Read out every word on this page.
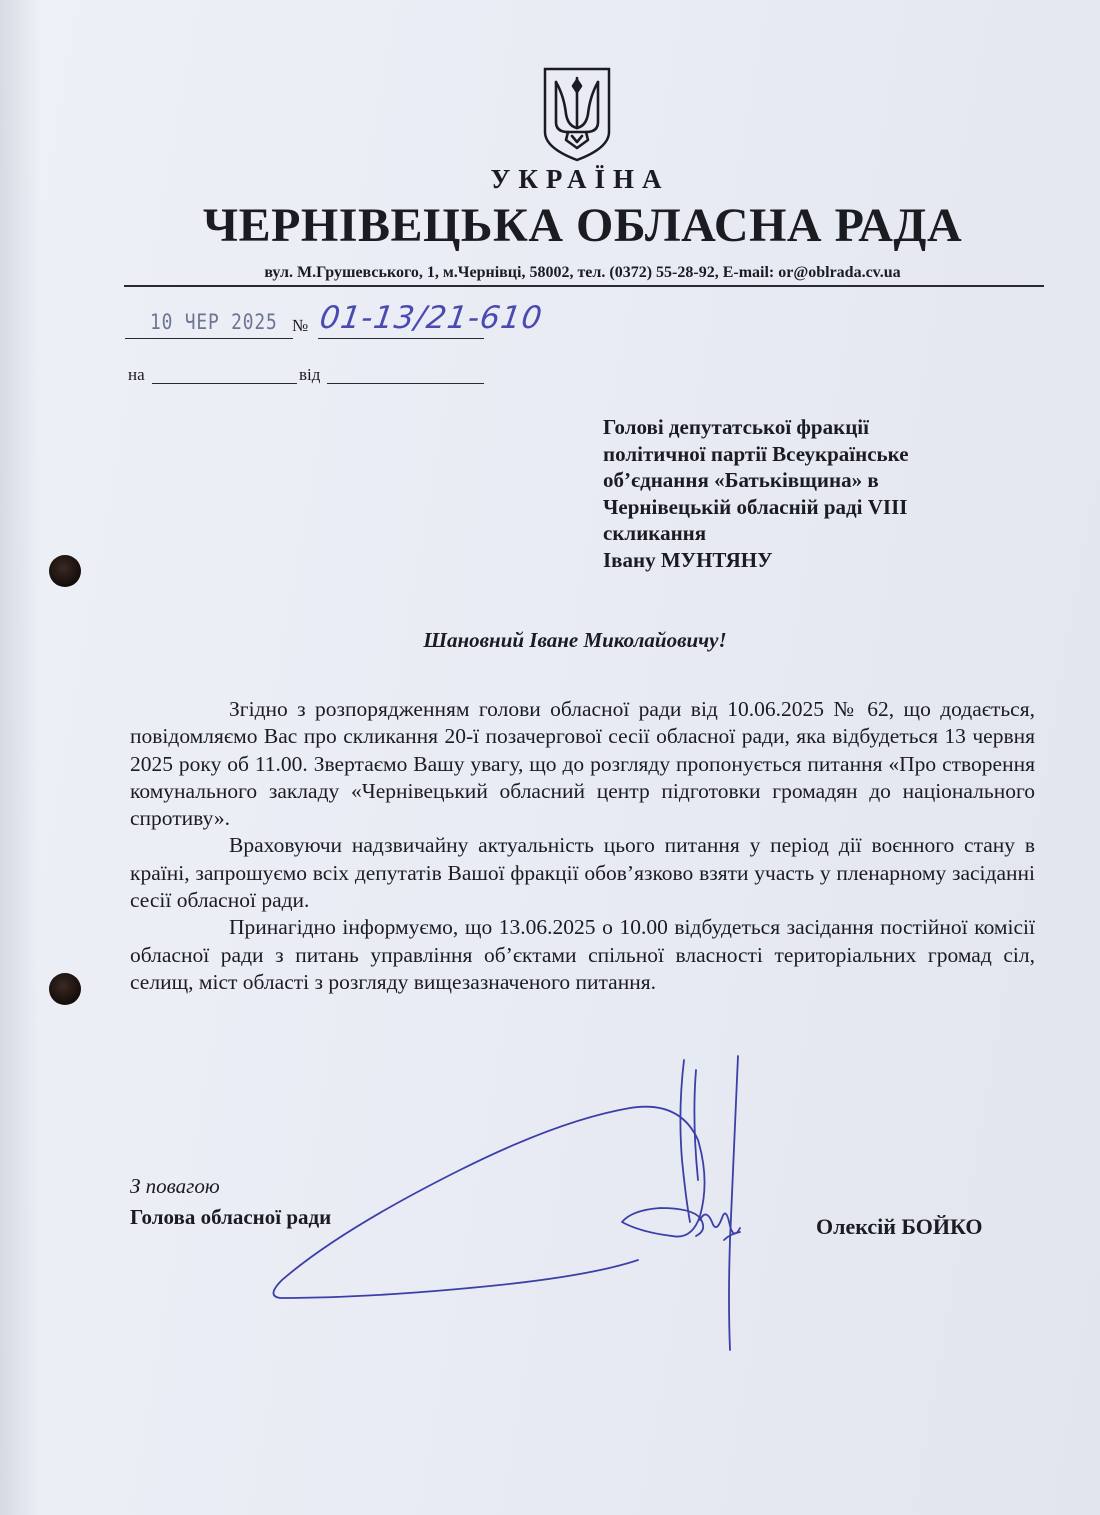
УКРАЇНА
ЧЕРНІВЕЦЬКА ОБЛАСНА РАДА
вул. М.Грушевського, 1, м.Чернівці, 58002, тел. (0372) 55-28-92, E-mail: or@oblrada.cv.ua
10 ЧЕР 2025 № 01-13/21-610
на	від
Голові депутатської фракції
політичної партії Всеукраїнське
об’єднання «Батьківщина» в
Чернівецькій обласній раді VIII
скликання
Івану МУНТЯНУ
Шановний Іване Миколайовичу!

Згідно з розпорядженням голови обласної ради від 10.06.2025 № 62, що додається, повідомляємо Вас про скликання 20-ї позачергової сесії обласної ради, яка відбудеться 13 червня 2025 року об 11.00. Звертаємо Вашу увагу, що до розгляду пропонується питання «Про створення комунального закладу «Чернівецький обласний центр підготовки громадян до національного спротиву».

Враховуючи надзвичайну актуальність цього питання у період дії воєнного стану в країні, запрошуємо всіх депутатів Вашої фракції обов’язково взяти участь у пленарному засіданні сесії обласної ради.

Принагідно інформуємо, що 13.06.2025 о 10.00 відбудеться засідання постійної комісії обласної ради з питань управління об’єктами спільної власності територіальних громад сіл, селищ, міст області з розгляду вищезазначеного питання.

З повагою
Голова обласної ради	Олексій БОЙКО
